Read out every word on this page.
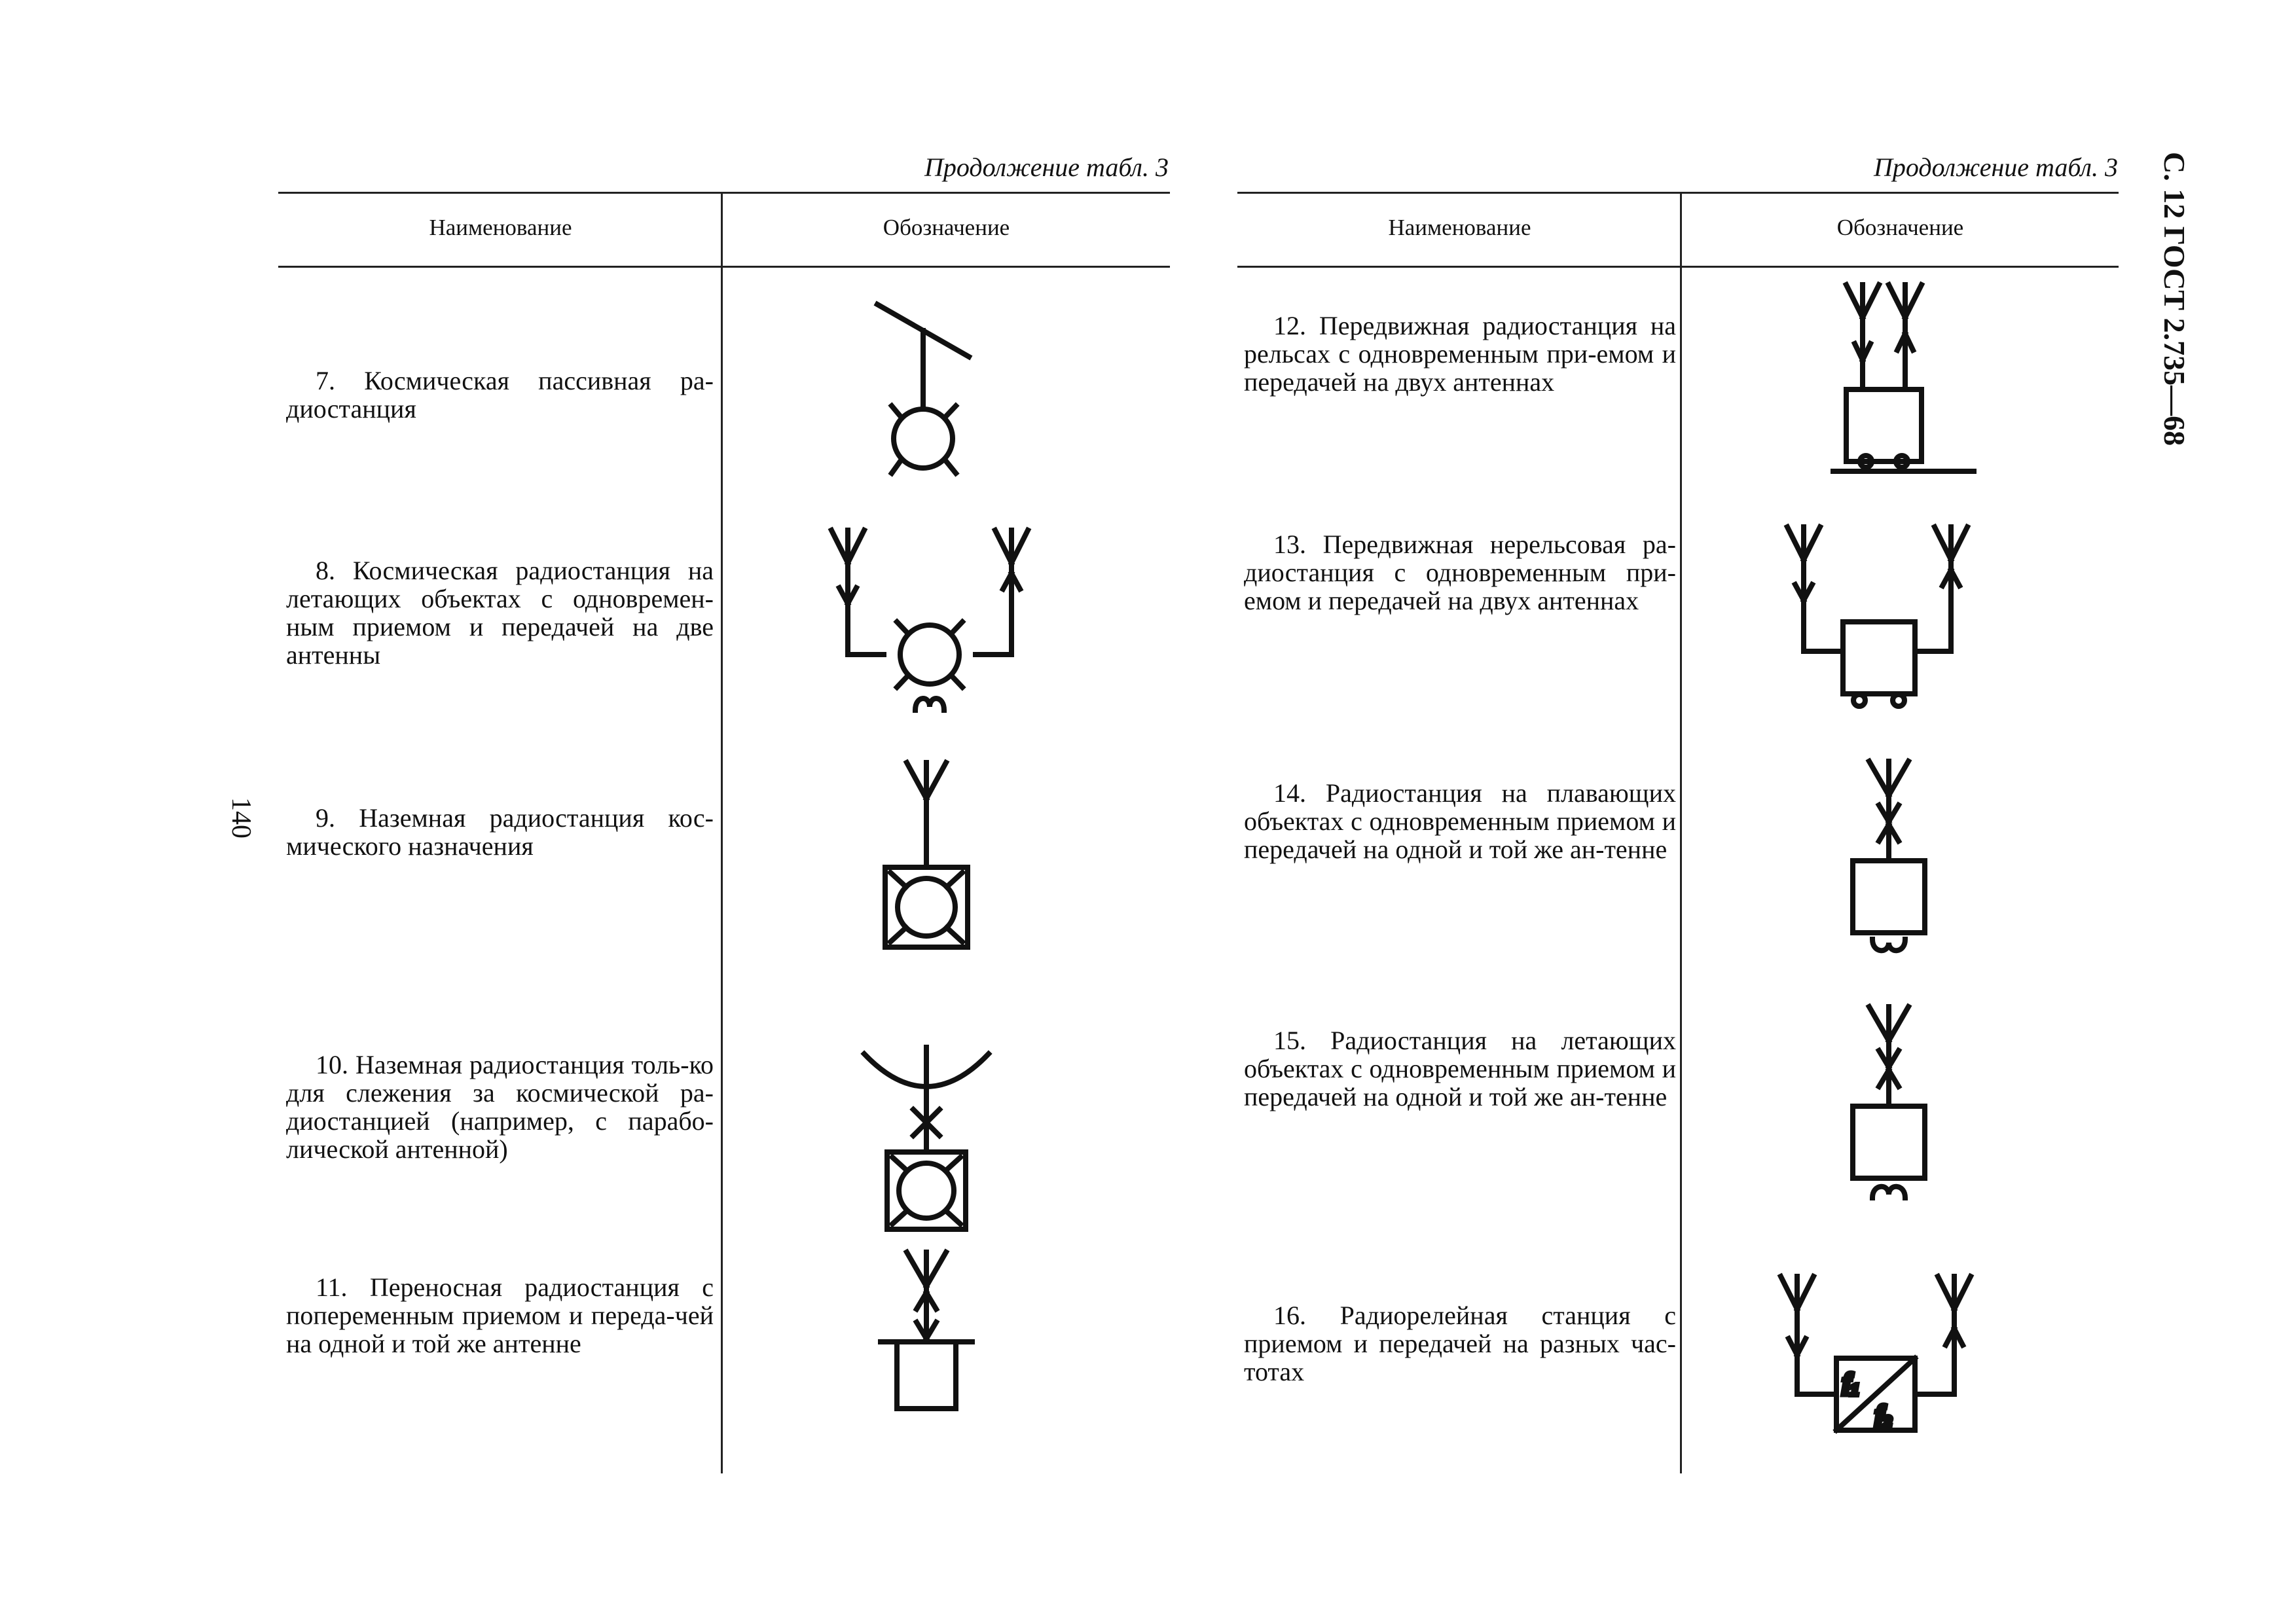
Продолжение табл. 3
Наименование	Обозначение
7. Космическая пассивная ра-диостанция
8. Космическая радиостанция на летающих объектах с одновремен-ным приемом и передачей на две антенны
9. Наземная радиостанция кос-мического назначения
10. Наземная радиостанция толь-ко для слежения за космической ра-диостанцией (например, с парабо-лической антенной)
11. Переносная радиостанция с попеременным приемом и переда-чей на одной и той же антенне
140
Продолжение табл. 3
Наименование	Обозначение
12. Передвижная радиостанция на рельсах с одновременным при-емом и передачей на двух антеннах
13. Передвижная нерельсовая ра-диостанция с одновременным при-емом и передачей на двух антеннах
14. Радиостанция на плавающих объектах с одновременным приемом и передачей на одной и той же ан-тенне
15. Радиостанция на летающих объектах с одновременным приемом и передачей на одной и той же ан-тенне
16. Радиорелейная станция с приемом и передачей на разных час-тотах
С. 12 ГОСТ 2.735—68
$f_1$
$f_2$
